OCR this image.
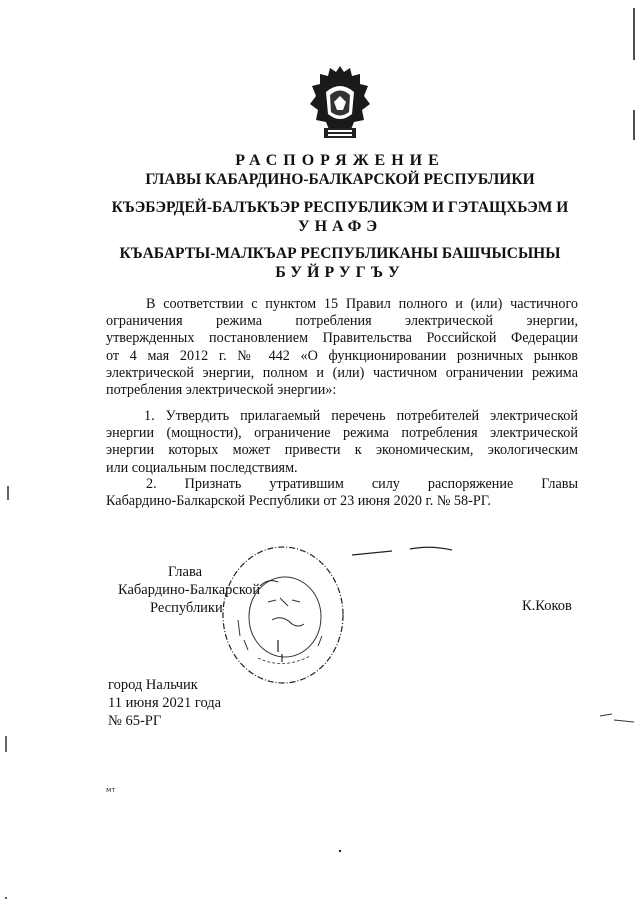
РАСПОРЯЖЕНИЕ
ГЛАВЫ КАБАРДИНО-БАЛКАРСКОЙ РЕСПУБЛИКИ
КЪЭБЭРДЕЙ-БАЛЪКЪЭР РЕСПУБЛИКЭМ И ГЭТАЩХЬЭМ И
УНАФЭ
КЪАБАРТЫ-МАЛКЪАР РЕСПУБЛИКАНЫ БАШЧЫСЫНЫ
БУЙРУГЪУ
В соответствии с пунктом 15 Правил полного и (или) частичного
ограничения режима потребления электрической энергии,
утвержденных постановлением Правительства Российской Федерации
от 4 мая 2012 г. № 442 «О функционировании розничных рынков
электрической энергии, полном и (или) частичном ограничении режима
потребления электрической энергии»:
1. Утвердить прилагаемый перечень потребителей электрической
энергии (мощности), ограничение режима потребления электрической
энергии которых может привести к экономическим, экологическим
или социальным последствиям.
2. Признать утратившим силу распоряжение Главы
Кабардино-Балкарской Республики от 23 июня 2020 г. № 58-РГ.
Глава
Кабардино-Балкарской
Республики	К.Коков
город Нальчик
11 июня 2021 года
№ 65-РГ
мт
